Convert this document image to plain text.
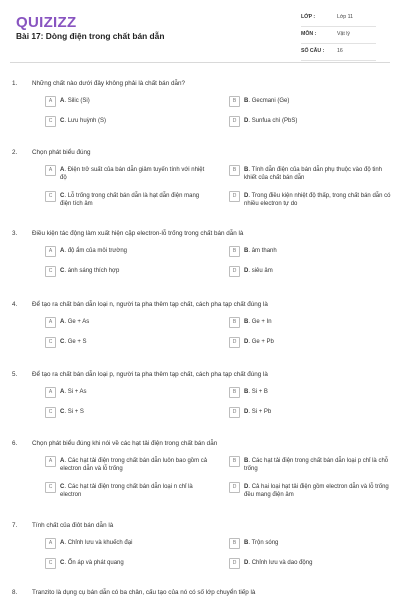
QUIZIZZ
Bài 17: Dòng điện trong chất bán dẫn
LỚP :	Lớp 11
MÔN :	Vật lý
SỐ CÂU : 16
1. Những chất nào dưới đây không phải là chất bán dẫn?
A	A. Silic (Si)	B	B. Gecmani (Ge)
C	C. Lưu huỳnh (S)	D	D. Sunfua chì (PbS)
2. Chọn phát biểu đúng
A	A. Điện trở suất của bán dẫn giảm tuyến tính với nhiệt độ
B	B. Tính dẫn điện của bán dẫn phụ thuộc vào độ tinh khiết của chất bán dẫn
C	C. Lỗ trống trong chất bán dẫn là hạt dẫn điện mang điện tích âm
D	D. Trong điều kiện nhiệt độ thấp, trong chất bán dẫn có nhiều electron tự do
3. Điều kiện tác động làm xuất hiện cặp electron-lỗ trống trong chất bán dẫn là
A	A. độ ẩm của môi trường	B	B. âm thanh
C	C. ánh sáng thích hợp	D	D. siêu âm
4. Để tạo ra chất bán dẫn loại n, người ta pha thêm tạp chất, cách pha tạp chất đúng là
A	A. Ge + As	B	B. Ge + In
C	C. Ge + S	D	D. Ge + Pb
5. Để tạo ra chất bán dẫn loại p, người ta pha thêm tạp chất, cách pha tạp chất đúng là
A	A. Si + As	B	B. Si + B
C	C. Si + S	D	D. Si + Pb
6. Chọn phát biểu đúng khi nói về các hạt tải điện trong chất bán dẫn
A	A. Các hạt tải điện trong chất bán dẫn luôn bao gồm cả electron dẫn và lỗ trống
B	B. Các hạt tải điện trong chất bán dẫn loại p chỉ là chỗ trống
C	C. Các hạt tải điện trong chất bán dẫn loại n chỉ là electron
D	D. Cả hai loại hạt tải điện gồm electron dẫn và lỗ trống đều mang điện âm
7. Tính chất của điôt bán dẫn là
A	A. Chỉnh lưu và khuếch đại	B	B. Trộn sóng
C	C. Ổn áp và phát quang	D	D. Chỉnh lưu và dao động
8. Tranzito là dụng cụ bán dẫn có ba chân, cấu tạo của nó có số lớp chuyển tiếp là
